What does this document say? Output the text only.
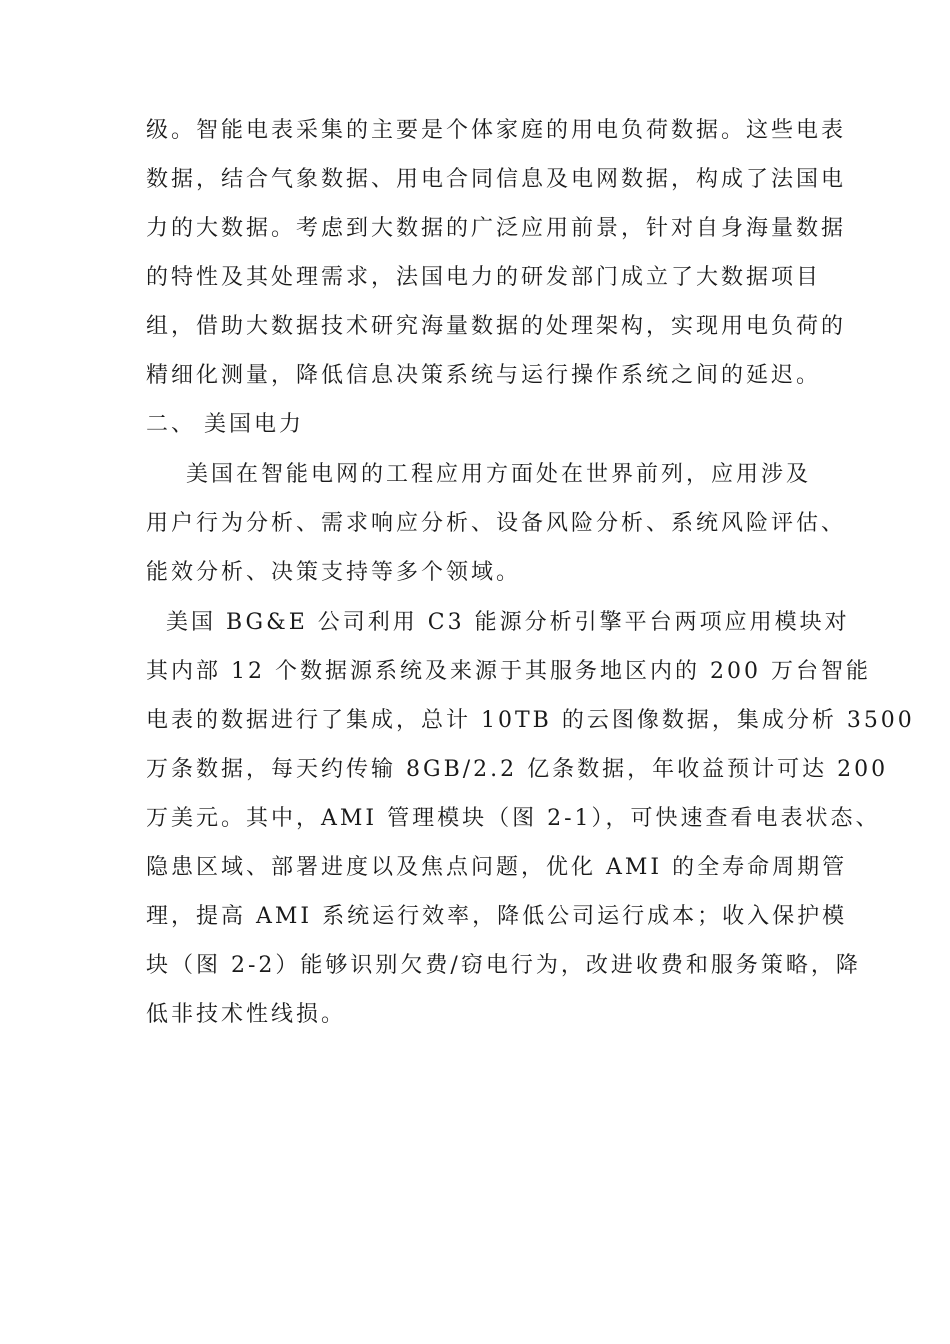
级。智能电表采集的主要是个体家庭的用电负荷数据。这些电表
数据，结合气象数据、用电合同信息及电网数据，构成了法国电
力的大数据。考虑到大数据的广泛应用前景，针对自身海量数据
的特性及其处理需求，法国电力的研发部门成立了大数据项目
组，借助大数据技术研究海量数据的处理架构，实现用电负荷的
精细化测量，降低信息决策系统与运行操作系统之间的延迟。
二、 美国电力
美国在智能电网的工程应用方面处在世界前列，应用涉及
用户行为分析、需求响应分析、设备风险分析、系统风险评估、
能效分析、决策支持等多个领域。
美国 BG&E 公司利用 C3 能源分析引擎平台两项应用模块对
其内部 12 个数据源系统及来源于其服务地区内的 200 万台智能
电表的数据进行了集成，总计 10TB 的云图像数据，集成分析 3500
万条数据，每天约传输 8GB/2.2 亿条数据，年收益预计可达 200
万美元。其中，AMI 管理模块（图 2-1），可快速查看电表状态、
隐患区域、部署进度以及焦点问题，优化 AMI 的全寿命周期管
理，提高 AMI 系统运行效率，降低公司运行成本；收入保护模
块（图 2-2）能够识别欠费/窃电行为，改进收费和服务策略，降
低非技术性线损。
